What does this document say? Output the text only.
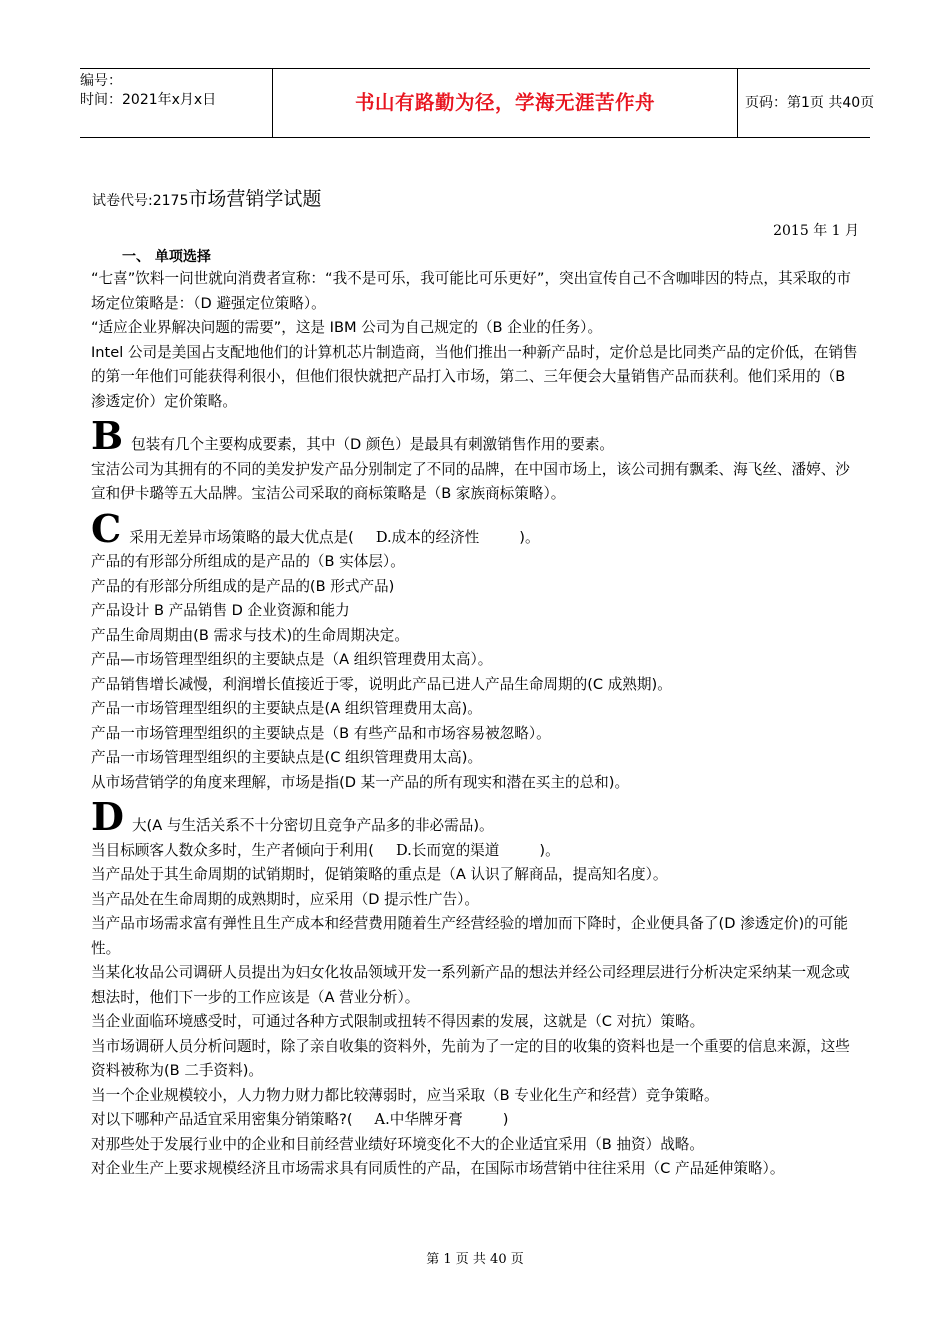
编号：
时间：2021年x月x日	书山有路勤为径，学海无涯苦作舟	页码：第1页 共40页
试卷代号:2175市场营销学试题
2015 年 1 月
一、 单项选择

“七喜”饮料一问世就向消费者宣称：“我不是可乐，我可能比可乐更好”，突出宣传自己不含咖啡因的特点，其采取的市场定位策略是：（D 避强定位策略）。

“适应企业界解决问题的需要”，这是 IBM 公司为自己规定的（B 企业的任务）。

Intel 公司是美国占支配地他们的计算机芯片制造商，当他们推出一种新产品时，定价总是比同类产品的定价低，在销售的第一年他们可能获得利很小，但他们很快就把产品打入市场，第二、三年便会大量销售产品而获利。他们采用的（B 渗透定价）定价策略。

B 包装有几个主要构成要素，其中（D 颜色）是最具有刺激销售作用的要素。

宝洁公司为其拥有的不同的美发护发产品分别制定了不同的品牌，在中国市场上，该公司拥有飘柔、海飞丝、潘婷、沙宣和伊卡璐等五大品牌。宝洁公司采取的商标策略是（B 家族商标策略）。

C 采用无差异市场策略的最大优点是( D.成本的经济性	)。

产品的有形部分所组成的是产品的（B 实体层）。

产品的有形部分所组成的是产品的(B 形式产品)

产品设计 B 产品销售 D 企业资源和能力

产品生命周期由(B 需求与技术)的生命周期决定。

产品—市场管理型组织的主要缺点是（A 组织管理费用太高）。

产品销售增长减慢，利润增长值接近于零，说明此产品已进人产品生命周期的(C 成熟期)。

产品一市场管理型组织的主要缺点是(A 组织管理费用太高)。

产品一市场管理型组织的主要缺点是（B 有些产品和市场容易被忽略）。

产品一市场管理型组织的主要缺点是(C 组织管理费用太高)。

从市场营销学的角度来理解，市场是指(D 某一产品的所有现实和潜在买主的总和)。

D 大(A 与生活关系不十分密切且竞争产品多的非必需品)。

当目标顾客人数众多时，生产者倾向于利用( D.长而宽的渠道	)。

当产品处于其生命周期的试销期时，促销策略的重点是（A 认识了解商品，提高知名度）。

当产品处在生命周期的成熟期时，应采用（D 提示性广告）。

当产品市场需求富有弹性且生产成本和经营费用随着生产经营经验的增加而下降时，企业便具备了(D 渗透定价)的可能性。

当某化妆品公司调研人员提出为妇女化妆品领域开发一系列新产品的想法并经公司经理层进行分析决定采纳某一观念或想法时，他们下一步的工作应该是（A 营业分析）。

当企业面临环境感受时，可通过各种方式限制或扭转不得因素的发展，这就是（C 对抗）策略。

当市场调研人员分析问题时，除了亲自收集的资料外，先前为了一定的目的收集的资料也是一个重要的信息来源，这些资料被称为(B 二手资料)。

当一个企业规模较小，人力物力财力都比较薄弱时，应当采取（B 专业化生产和经营）竞争策略。

对以下哪种产品适宜采用密集分销策略?( A.中华牌牙膏	)

对那些处于发展行业中的企业和目前经营业绩好环境变化不大的企业适宜采用（B 抽资）战略。

对企业生产上要求规模经济且市场需求具有同质性的产品，在国际市场营销中往往采用（C 产品延伸策略）。

第 1 页 共 40 页
